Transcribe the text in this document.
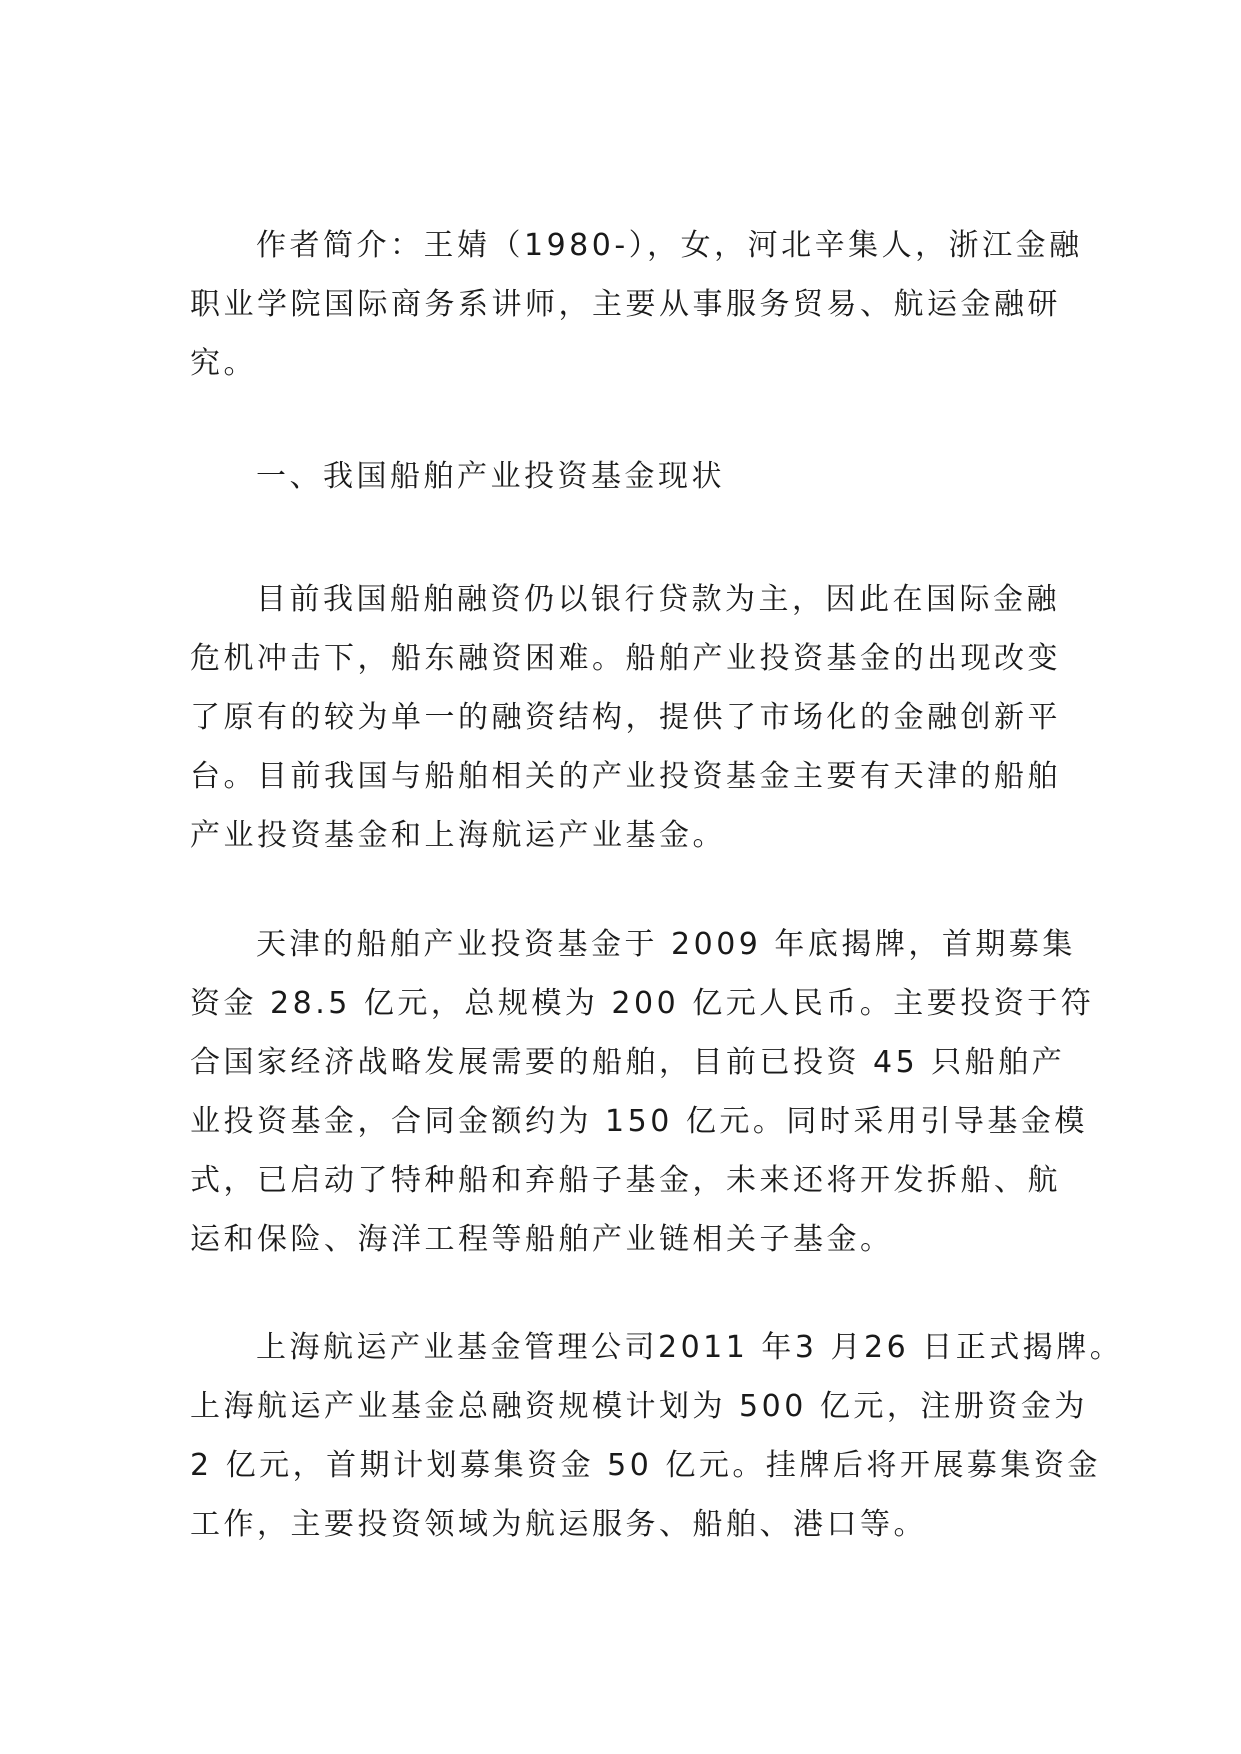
作者简介：王婧（1980-），女，河北辛集人，浙江金融
职业学院国际商务系讲师，主要从事服务贸易、航运金融研
究。
一、我国船舶产业投资基金现状
目前我国船舶融资仍以银行贷款为主，因此在国际金融
危机冲击下，船东融资困难。船舶产业投资基金的出现改变
了原有的较为单一的融资结构，提供了市场化的金融创新平
台。目前我国与船舶相关的产业投资基金主要有天津的船舶
产业投资基金和上海航运产业基金。
天津的船舶产业投资基金于 2009 年底揭牌，首期募集
资金 28.5 亿元，总规模为 200 亿元人民币。主要投资于符
合国家经济战略发展需要的船舶，目前已投资 45 只船舶产
业投资基金，合同金额约为 150 亿元。同时采用引导基金模
式，已启动了特种船和弃船子基金，未来还将开发拆船、航
运和保险、海洋工程等船舶产业链相关子基金。
上海航运产业基金管理公司2011 年3 月26 日正式揭牌。
上海航运产业基金总融资规模计划为 500 亿元，注册资金为
2 亿元，首期计划募集资金 50 亿元。挂牌后将开展募集资金
工作，主要投资领域为航运服务、船舶、港口等。
